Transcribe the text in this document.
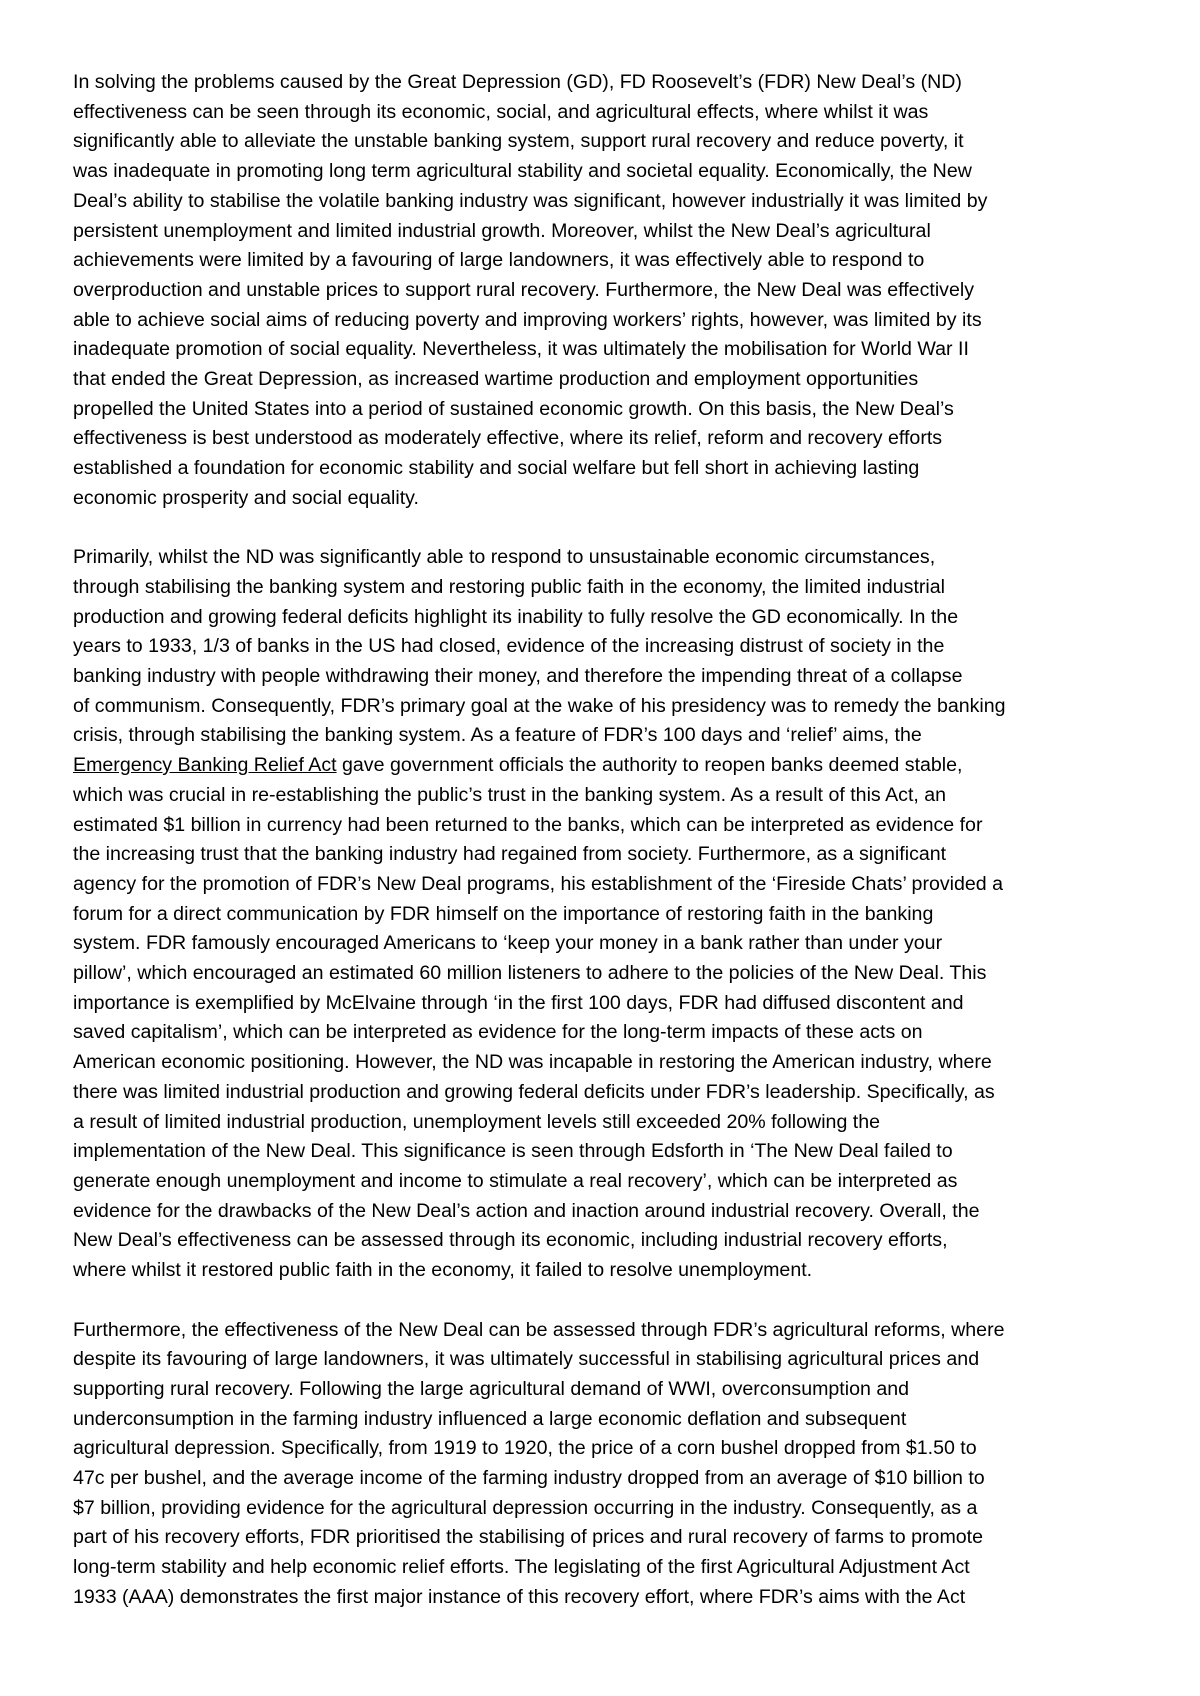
In solving the problems caused by the Great Depression (GD), FD Roosevelt’s (FDR) New Deal’s (ND)
effectiveness can be seen through its economic, social, and agricultural effects, where whilst it was
significantly able to alleviate the unstable banking system, support rural recovery and reduce poverty, it
was inadequate in promoting long term agricultural stability and societal equality. Economically, the New
Deal’s ability to stabilise the volatile banking industry was significant, however industrially it was limited by
persistent unemployment and limited industrial growth. Moreover, whilst the New Deal’s agricultural
achievements were limited by a favouring of large landowners, it was effectively able to respond to
overproduction and unstable prices to support rural recovery. Furthermore, the New Deal was effectively
able to achieve social aims of reducing poverty and improving workers’ rights, however, was limited by its
inadequate promotion of social equality. Nevertheless, it was ultimately the mobilisation for World War II
that ended the Great Depression, as increased wartime production and employment opportunities
propelled the United States into a period of sustained economic growth. On this basis, the New Deal’s
effectiveness is best understood as moderately effective, where its relief, reform and recovery efforts
established a foundation for economic stability and social welfare but fell short in achieving lasting
economic prosperity and social equality.
Primarily, whilst the ND was significantly able to respond to unsustainable economic circumstances,
through stabilising the banking system and restoring public faith in the economy, the limited industrial
production and growing federal deficits highlight its inability to fully resolve the GD economically. In the
years to 1933, 1/3 of banks in the US had closed, evidence of the increasing distrust of society in the
banking industry with people withdrawing their money, and therefore the impending threat of a collapse
of communism. Consequently, FDR’s primary goal at the wake of his presidency was to remedy the banking
crisis, through stabilising the banking system. As a feature of FDR’s 100 days and ‘relief’ aims, the
Emergency Banking Relief Act gave government officials the authority to reopen banks deemed stable,
which was crucial in re-establishing the public’s trust in the banking system. As a result of this Act, an
estimated $1 billion in currency had been returned to the banks, which can be interpreted as evidence for
the increasing trust that the banking industry had regained from society. Furthermore, as a significant
agency for the promotion of FDR’s New Deal programs, his establishment of the ‘Fireside Chats’ provided a
forum for a direct communication by FDR himself on the importance of restoring faith in the banking
system. FDR famously encouraged Americans to ‘keep your money in a bank rather than under your
pillow’, which encouraged an estimated 60 million listeners to adhere to the policies of the New Deal. This
importance is exemplified by McElvaine through ‘in the first 100 days, FDR had diffused discontent and
saved capitalism’, which can be interpreted as evidence for the long-term impacts of these acts on
American economic positioning. However, the ND was incapable in restoring the American industry, where
there was limited industrial production and growing federal deficits under FDR’s leadership. Specifically, as
a result of limited industrial production, unemployment levels still exceeded 20% following the
implementation of the New Deal. This significance is seen through Edsforth in ‘The New Deal failed to
generate enough unemployment and income to stimulate a real recovery’, which can be interpreted as
evidence for the drawbacks of the New Deal’s action and inaction around industrial recovery. Overall, the
New Deal’s effectiveness can be assessed through its economic, including industrial recovery efforts,
where whilst it restored public faith in the economy, it failed to resolve unemployment.
Furthermore, the effectiveness of the New Deal can be assessed through FDR’s agricultural reforms, where
despite its favouring of large landowners, it was ultimately successful in stabilising agricultural prices and
supporting rural recovery. Following the large agricultural demand of WWI, overconsumption and
underconsumption in the farming industry influenced a large economic deflation and subsequent
agricultural depression. Specifically, from 1919 to 1920, the price of a corn bushel dropped from $1.50 to
47c per bushel, and the average income of the farming industry dropped from an average of $10 billion to
$7 billion, providing evidence for the agricultural depression occurring in the industry. Consequently, as a
part of his recovery efforts, FDR prioritised the stabilising of prices and rural recovery of farms to promote
long-term stability and help economic relief efforts. The legislating of the first Agricultural Adjustment Act
1933 (AAA) demonstrates the first major instance of this recovery effort, where FDR’s aims with the Act
